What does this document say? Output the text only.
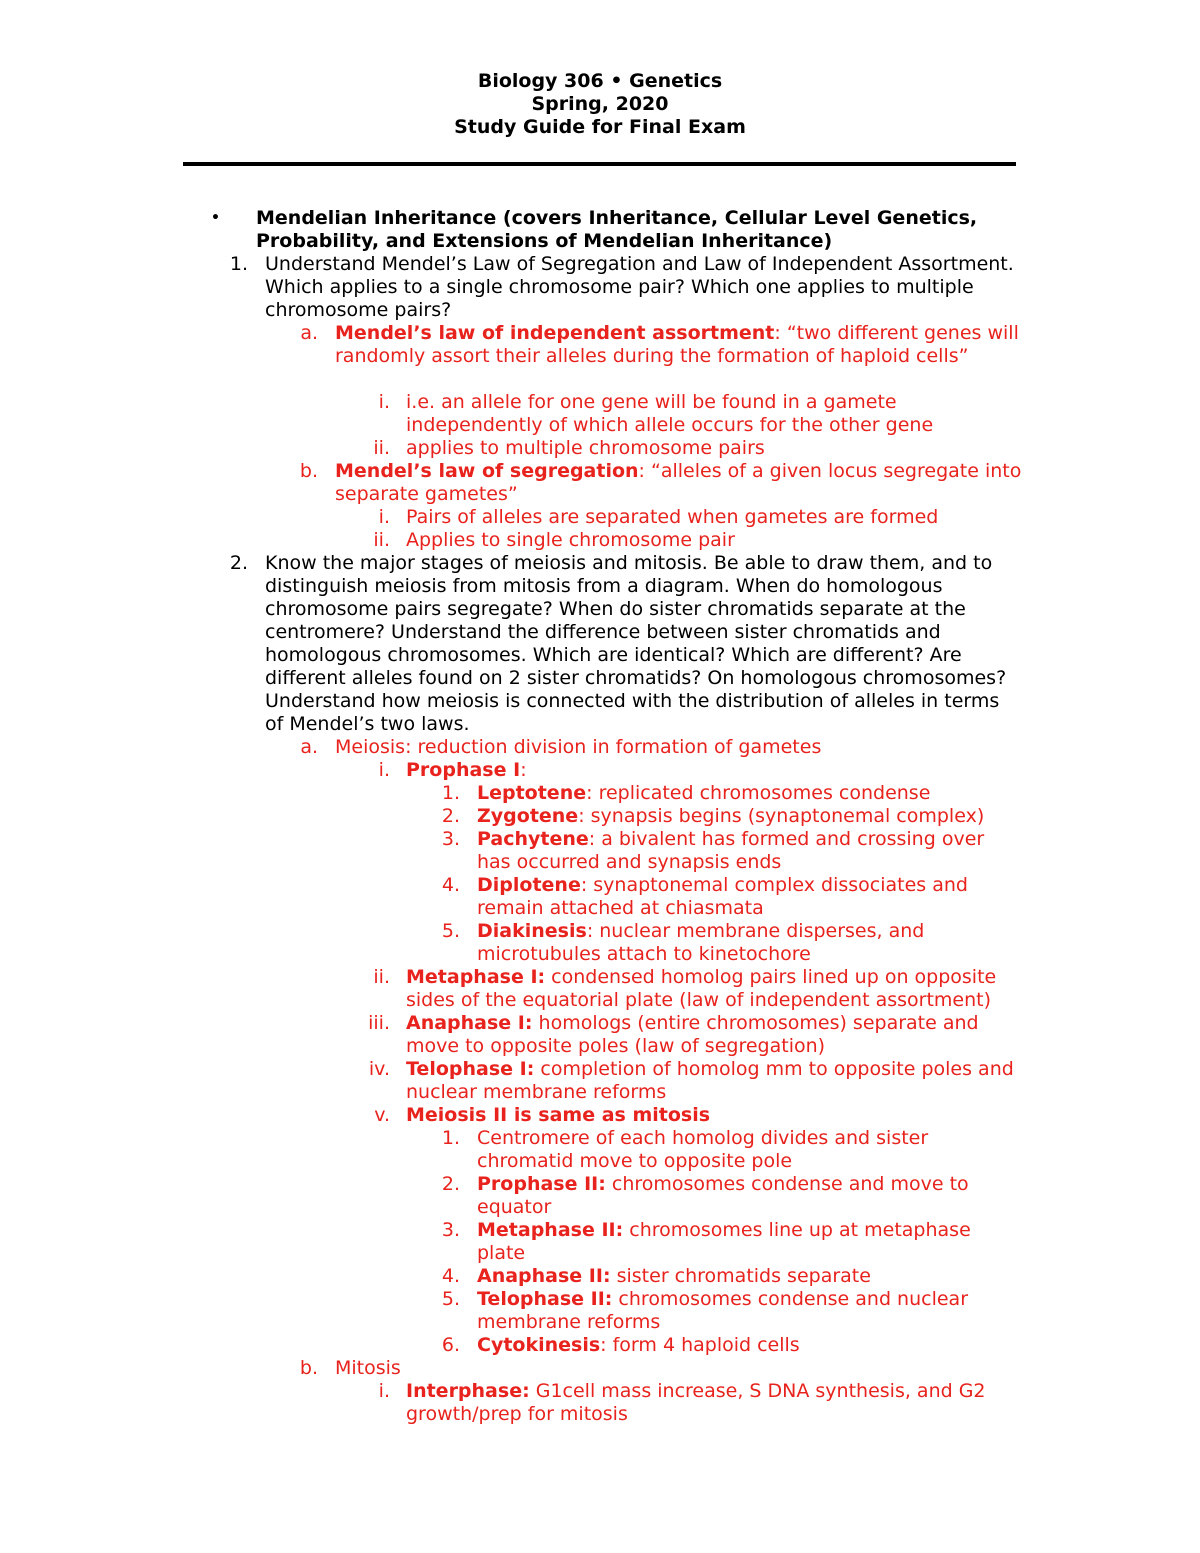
Biology 306 • Genetics
Spring, 2020
Study Guide for Final Exam
• Mendelian Inheritance (covers Inheritance, Cellular Level Genetics, Probability, and Extensions of Mendelian Inheritance)
1. Understand Mendel’s Law of Segregation and Law of Independent Assortment. Which applies to a single chromosome pair? Which one applies to multiple chromosome pairs?
a. Mendel’s law of independent assortment: “two different genes will randomly assort their alleles during the formation of haploid cells”
i. i.e. an allele for one gene will be found in a gamete independently of which allele occurs for the other gene
ii. applies to multiple chromosome pairs
b. Mendel’s law of segregation: “alleles of a given locus segregate into separate gametes”
i. Pairs of alleles are separated when gametes are formed
ii. Applies to single chromosome pair
2. Know the major stages of meiosis and mitosis. Be able to draw them, and to distinguish meiosis from mitosis from a diagram. When do homologous chromosome pairs segregate? When do sister chromatids separate at the centromere? Understand the difference between sister chromatids and homologous chromosomes. Which are identical? Which are different? Are different alleles found on 2 sister chromatids? On homologous chromosomes? Understand how meiosis is connected with the distribution of alleles in terms of Mendel’s two laws.
a. Meiosis: reduction division in formation of gametes
i. Prophase I:
1. Leptotene: replicated chromosomes condense
2. Zygotene: synapsis begins (synaptonemal complex)
3. Pachytene: a bivalent has formed and crossing over has occurred and synapsis ends
4. Diplotene: synaptonemal complex dissociates and remain attached at chiasmata
5. Diakinesis: nuclear membrane disperses, and microtubules attach to kinetochore
ii. Metaphase I: condensed homolog pairs lined up on opposite sides of the equatorial plate (law of independent assortment)
iii. Anaphase I: homologs (entire chromosomes) separate and move to opposite poles (law of segregation)
iv. Telophase I: completion of homolog mm to opposite poles and nuclear membrane reforms
v. Meiosis II is same as mitosis
1. Centromere of each homolog divides and sister chromatid move to opposite pole
2. Prophase II: chromosomes condense and move to equator
3. Metaphase II: chromosomes line up at metaphase plate
4. Anaphase II: sister chromatids separate
5. Telophase II: chromosomes condense and nuclear membrane reforms
6. Cytokinesis: form 4 haploid cells
b. Mitosis
i. Interphase: G1cell mass increase, S DNA synthesis, and G2 growth/prep for mitosis
